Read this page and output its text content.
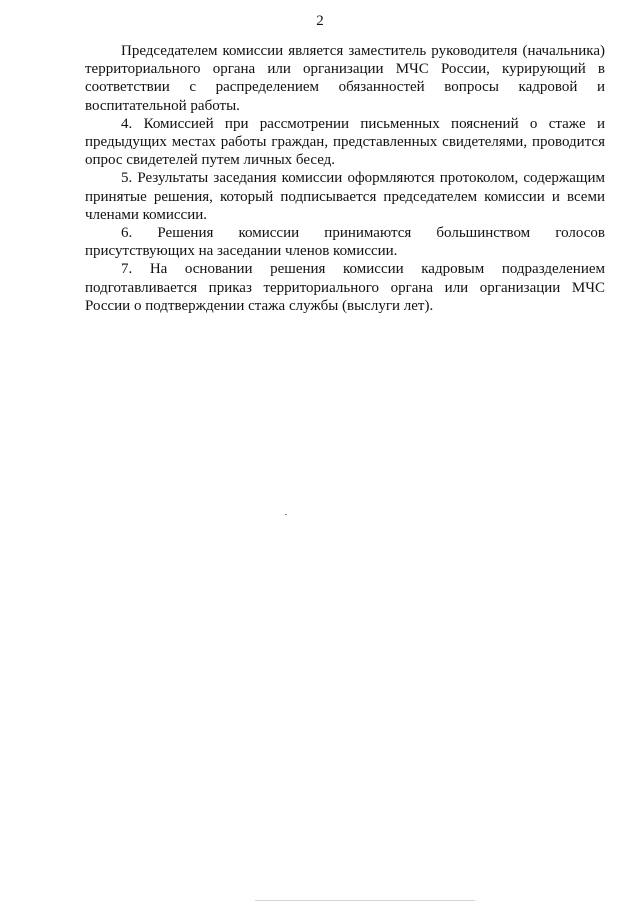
2

Председателем комиссии является заместитель руководителя (начальника) территориального органа или организации МЧС России, курирующий в соответствии с распределением обязанностей вопросы кадровой и воспитательной работы.

4. Комиссией при рассмотрении письменных пояснений о стаже и предыдущих местах работы граждан, представленных свидетелями, проводится опрос свидетелей путем личных бесед.

5. Результаты заседания комиссии оформляются протоколом, содержащим принятые решения, который подписывается председателем комиссии и всеми членами комиссии.

6. Решения комиссии принимаются большинством голосов присутствующих на заседании членов комиссии.

7. На основании решения комиссии кадровым подразделением подготавливается приказ территориального органа или организации МЧС России о подтверждении стажа службы (выслуги лет).
